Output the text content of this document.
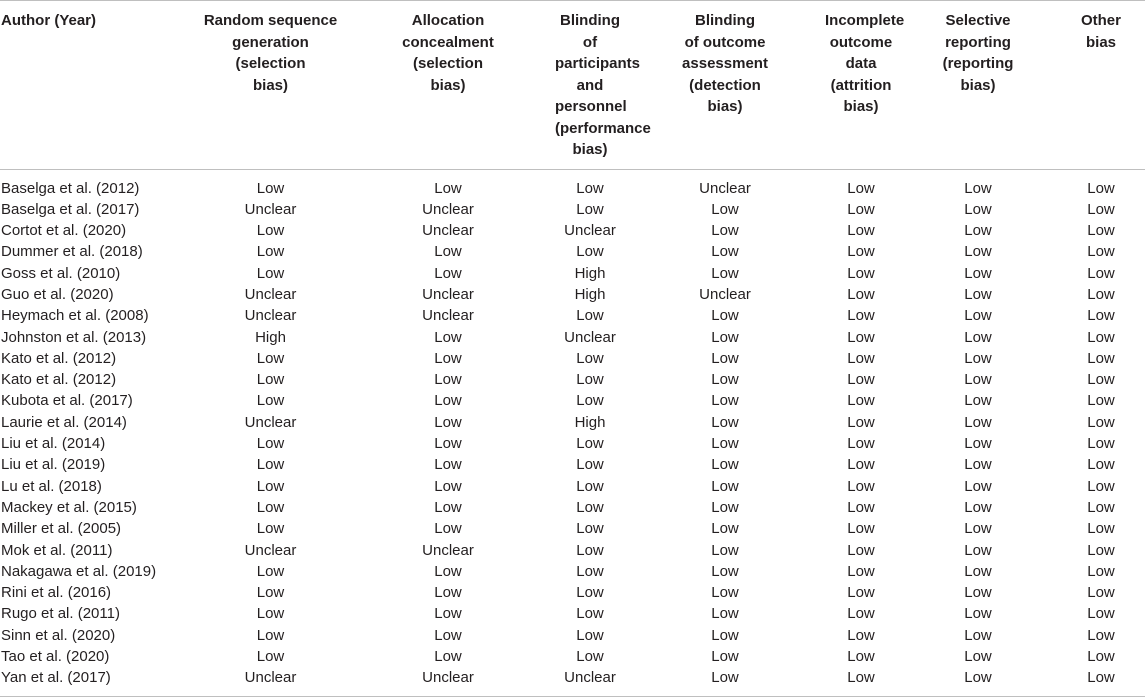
Author (Year)	Random sequence
generation (selection
bias)	Allocation
concealment
(selection
bias)	Blinding
of participants
and personnel
(performance
bias)	Blinding
of outcome
assessment
(detection
bias)	Incomplete
outcome
data
(attrition
bias)	Selective
reporting
(reporting
bias)	Other
bias
Baselga et al. (2012)	Low	Low	Low	Unclear	Low	Low	Low
Baselga et al. (2017)	Unclear	Unclear	Low	Low	Low	Low	Low
Cortot et al. (2020)	Low	Unclear	Unclear	Low	Low	Low	Low
Dummer et al. (2018)	Low	Low	Low	Low	Low	Low	Low
Goss et al. (2010)	Low	Low	High	Low	Low	Low	Low
Guo et al. (2020)	Unclear	Unclear	High	Unclear	Low	Low	Low
Heymach et al. (2008)	Unclear	Unclear	Low	Low	Low	Low	Low
Johnston et al. (2013)	High	Low	Unclear	Low	Low	Low	Low
Kato et al. (2012)	Low	Low	Low	Low	Low	Low	Low
Kato et al. (2012)	Low	Low	Low	Low	Low	Low	Low
Kubota et al. (2017)	Low	Low	Low	Low	Low	Low	Low
Laurie et al. (2014)	Unclear	Low	High	Low	Low	Low	Low
Liu et al. (2014)	Low	Low	Low	Low	Low	Low	Low
Liu et al. (2019)	Low	Low	Low	Low	Low	Low	Low
Lu et al. (2018)	Low	Low	Low	Low	Low	Low	Low
Mackey et al. (2015)	Low	Low	Low	Low	Low	Low	Low
Miller et al. (2005)	Low	Low	Low	Low	Low	Low	Low
Mok et al. (2011)	Unclear	Unclear	Low	Low	Low	Low	Low
Nakagawa et al. (2019)	Low	Low	Low	Low	Low	Low	Low
Rini et al. (2016)	Low	Low	Low	Low	Low	Low	Low
Rugo et al. (2011)	Low	Low	Low	Low	Low	Low	Low
Sinn et al. (2020)	Low	Low	Low	Low	Low	Low	Low
Tao et al. (2020)	Low	Low	Low	Low	Low	Low	Low
Yan et al. (2017)	Unclear	Unclear	Unclear	Low	Low	Low	Low
